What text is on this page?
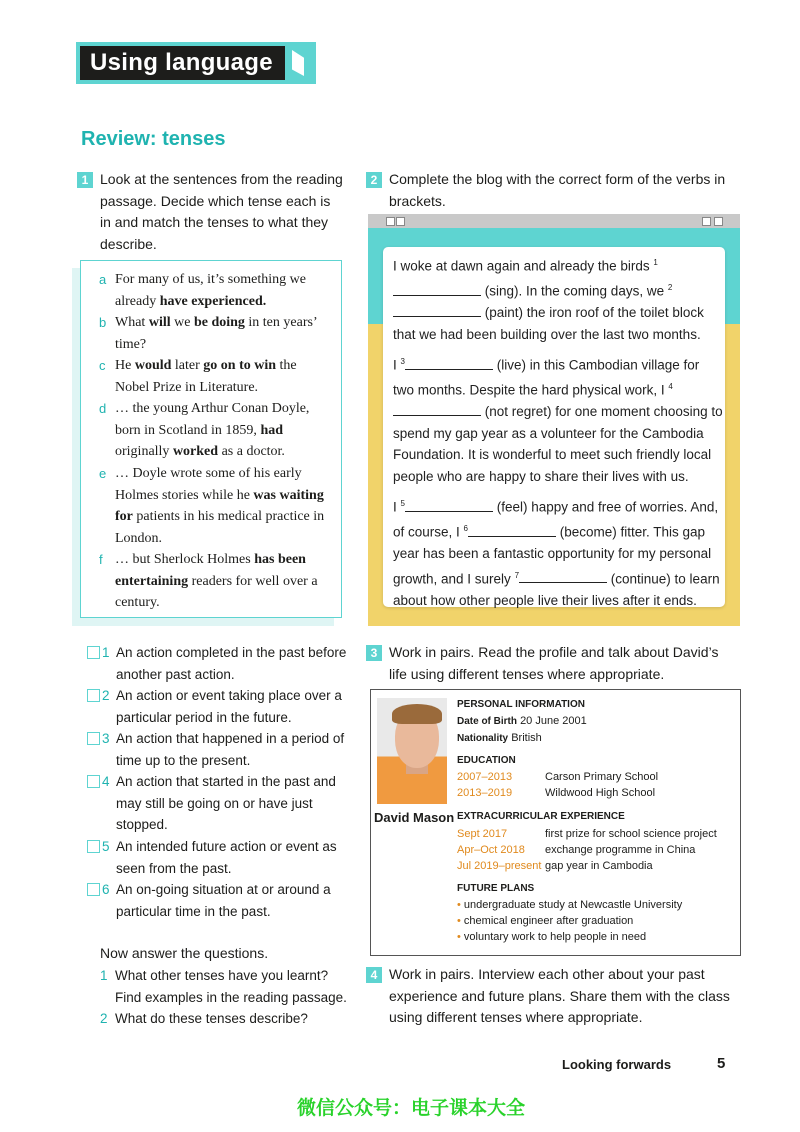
Using language
Review: tenses
1 Look at the sentences from the reading passage. Decide which tense each is in and match the tenses to what they describe.
a For many of us, it’s something we already have experienced.
b What will we be doing in ten years’ time?
c He would later go on to win the Nobel Prize in Literature.
d … the young Arthur Conan Doyle, born in Scotland in 1859, had originally worked as a doctor.
e … Doyle wrote some of his early Holmes stories while he was waiting for patients in his medical practice in London.
f … but Sherlock Holmes has been entertaining readers for well over a century.
1 An action completed in the past before another past action.
2 An action or event taking place over a particular period in the future.
3 An action that happened in a period of time up to the present.
4 An action that started in the past and may still be going on or have just stopped.
5 An intended future action or event as seen from the past.
6 An on-going situation at or around a particular time in the past.
Now answer the questions.
1 What other tenses have you learnt? Find examples in the reading passage.
2 What do these tenses describe?
2 Complete the blog with the correct form of the verbs in brackets.
I woke at dawn again and already the birds $^1$ (sing). In the coming days, we $^2$ (paint) the iron roof of the toilet block that we had been building over the last two months.
I $^3$	(live) in this Cambodian village for two months. Despite the hard physical work, I $^4$ (not regret) for one moment choosing to spend my gap year as a volunteer for the Cambodia Foundation. It is wonderful to meet such friendly local people who are happy to share their lives with us.
I $^5$	(feel) happy and free of worries. And, of course, I $^6$	(become) fitter. This gap year has been a fantastic opportunity for my personal growth, and I surely $^7$	(continue) to learn about how other people live their lives after it ends.
3 Work in pairs. Read the profile and talk about David’s life using different tenses where appropriate.
David Mason
PERSONAL INFORMATION
Date of Birth 20 June 2001
Nationality British
EDUCATION
2007–2013	Carson Primary School
2013–2019	Wildwood High School
EXTRACURRICULAR EXPERIENCE
Sept 2017	first prize for school science project
Apr–Oct 2018 exchange programme in China
Jul 2019–present gap year in Cambodia
FUTURE PLANS
• undergraduate study at Newcastle University
• chemical engineer after graduation
• voluntary work to help people in need
4 Work in pairs. Interview each other about your past experience and future plans. Share them with the class using different tenses where appropriate.
Looking forwards	5
微信公众号：电子课本大全
